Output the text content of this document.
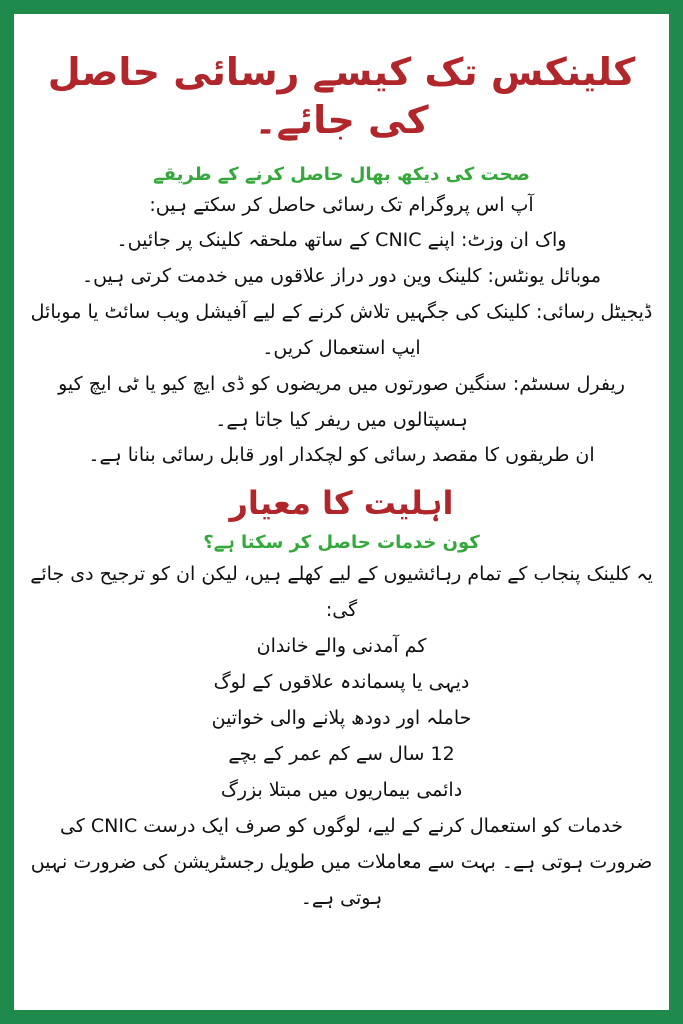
کلینکس تک کیسے رسائی حاصل کی جائے۔
صحت کی دیکھ بھال حاصل کرنے کے طریقے

آپ اس پروگرام تک رسائی حاصل کر سکتے ہیں:

واک ان وزٹ: اپنے CNIC کے ساتھ ملحقہ کلینک پر جائیں۔

موبائل یونٹس: کلینک وین دور دراز علاقوں میں خدمت کرتی ہیں۔

ڈیجیٹل رسائی: کلینک کی جگہیں تلاش کرنے کے لیے آفیشل ویب سائٹ یا موبائل ایپ استعمال کریں۔

ریفرل سسٹم: سنگین صورتوں میں مریضوں کو ڈی ایچ کیو یا ٹی ایچ کیو ہسپتالوں میں ریفر کیا جاتا ہے۔

ان طریقوں کا مقصد رسائی کو لچکدار اور قابل رسائی بنانا ہے۔

اہلیت کا معیار
کون خدمات حاصل کر سکتا ہے؟

یہ کلینک پنجاب کے تمام رہائشیوں کے لیے کھلے ہیں، لیکن ان کو ترجیح دی جائے گی:

کم آمدنی والے خاندان
دیہی یا پسماندہ علاقوں کے لوگ
حاملہ اور دودھ پلانے والی خواتین
12 سال سے کم عمر کے بچے
دائمی بیماریوں میں مبتلا بزرگ

خدمات کو استعمال کرنے کے لیے، لوگوں کو صرف ایک درست CNIC کی ضرورت ہوتی ہے۔ بہت سے معاملات میں طویل رجسٹریشن کی ضرورت نہیں ہوتی ہے۔
